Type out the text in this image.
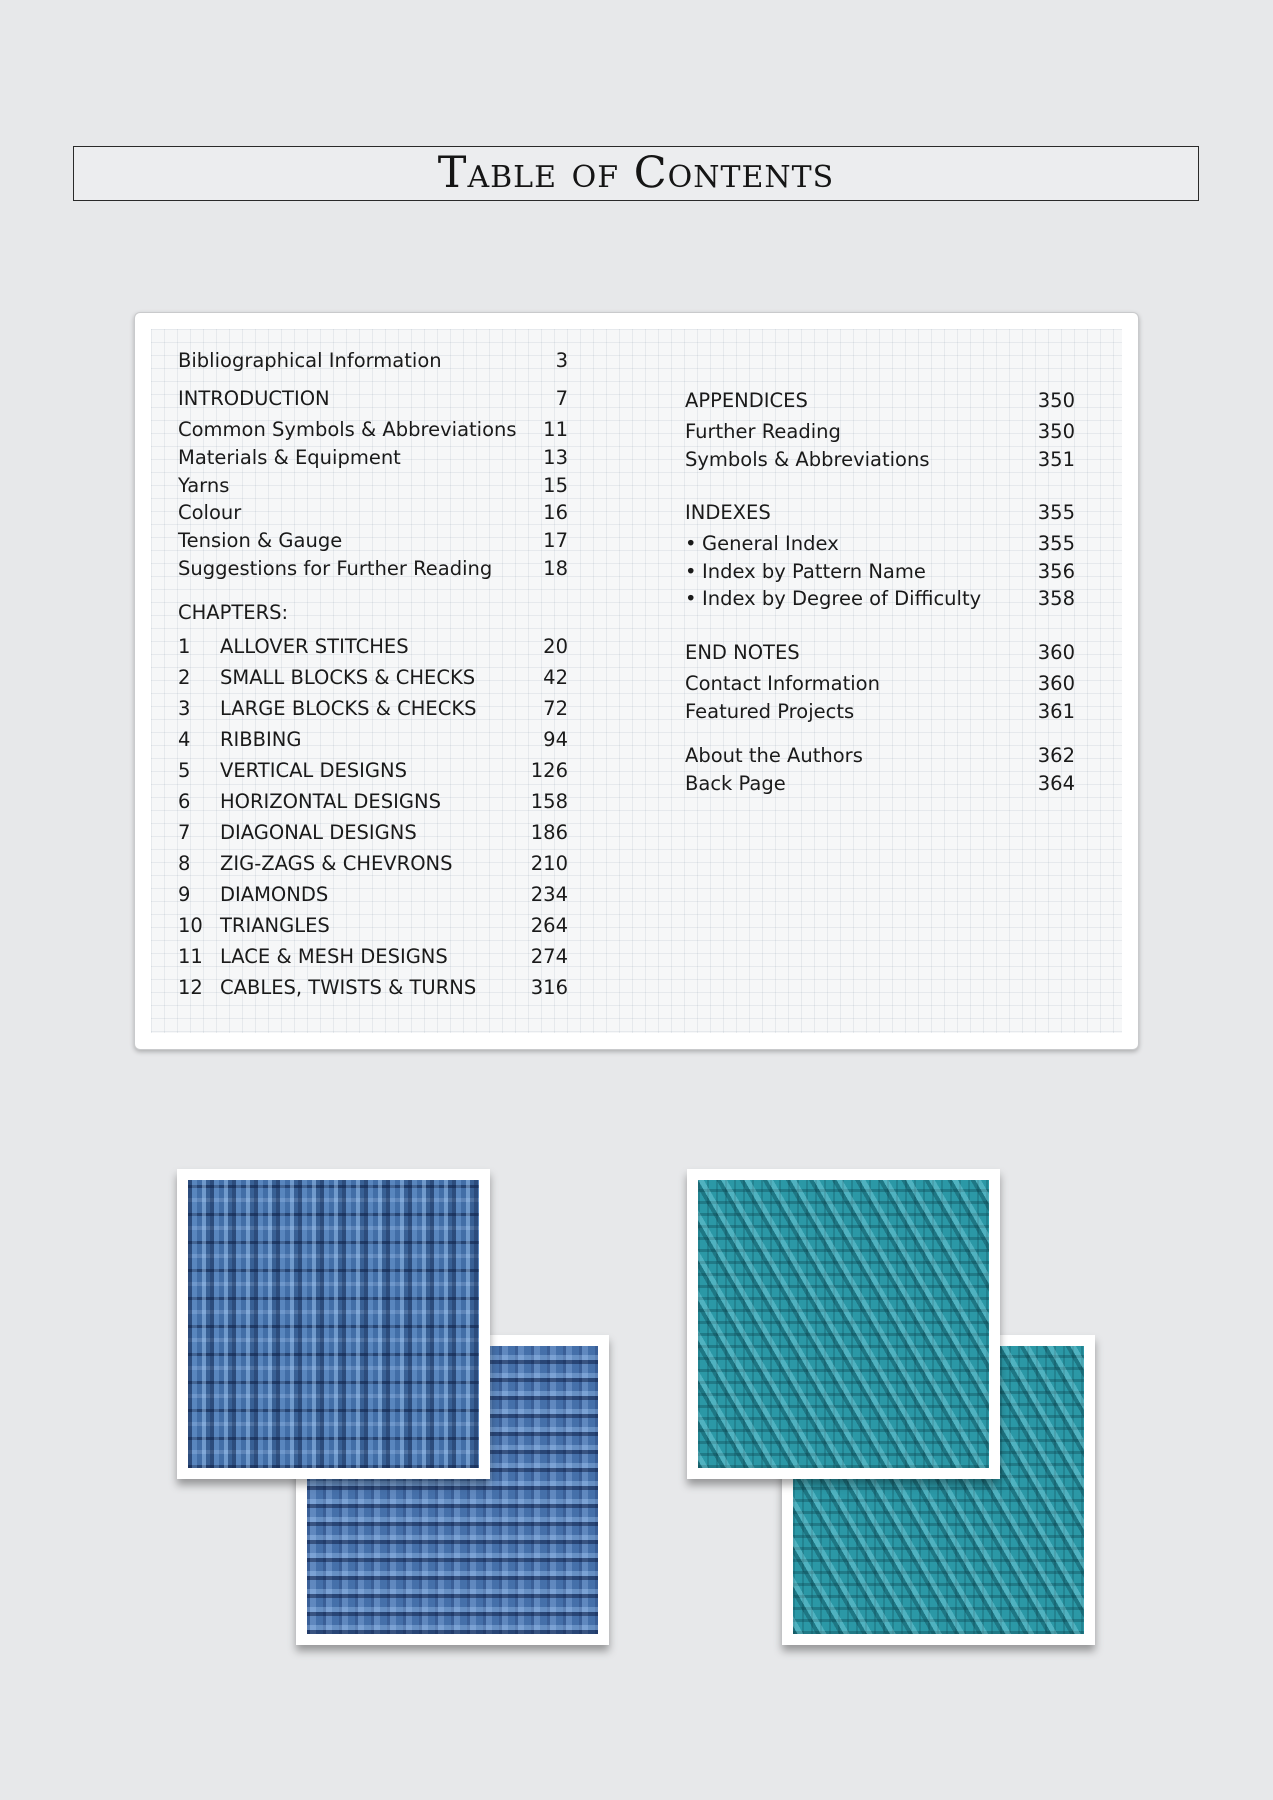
Table of Contents
Bibliographical Information	3
INTRODUCTION	7
Common Symbols & Abbreviations 11
Materials & Equipment	13
Yarns	15
Colour	16
Tension & Gauge	17
Suggestions for Further Reading	18
CHAPTERS:
1	ALLOVER STITCHES	20
2	SMALL BLOCKS & CHECKS	42
3	LARGE BLOCKS & CHECKS	72
4	RIBBING	94
5	VERTICAL DESIGNS	126
6	HORIZONTAL DESIGNS	158
7	DIAGONAL DESIGNS	186
8	ZIG-ZAGS & CHEVRONS	210
9	DIAMONDS	234
10 TRIANGLES	264
11 LACE & MESH DESIGNS	274
12 CABLES, TWISTS & TURNS	316
APPENDICES	350
Further Reading	350
Symbols & Abbreviations	351
INDEXES	355
• General Index	355
• Index by Pattern Name	356
• Index by Degree of Difficulty	358
END NOTES	360
Contact Information	360
Featured Projects	361
About the Authors	362
Back Page	364
